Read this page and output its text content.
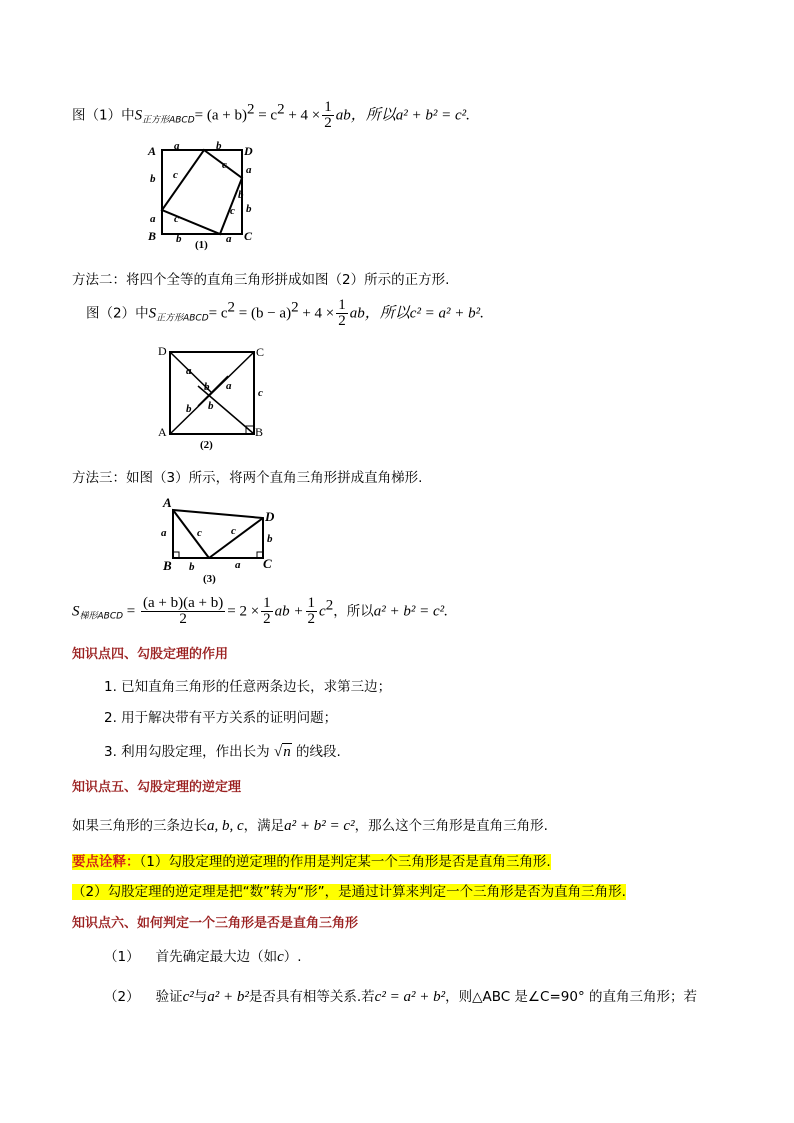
图（1）中$S_{正方形ABCD}= (a + b)^2 = c^2 + 4 \times \frac{1}{2}$ ab，所以a² + b² = c².
A	D
B	C
a	b
b c	a
c
b
a c
c
b
b
a
(1)
方法二：将四个全等的直角三角形拼成如图（2）所示的正方形.
图（2）中$S_{正方形ABCD}= c^2 = (b - a)^2 + 4 \times \frac{1}{2}$ ab，所以c² = a² + b².
D	C
A	B
a
b a
c
b b
(2)
方法三：如图（3）所示，将两个直角三角形拼成直角梯形.
A
D
B	C
a	c	c
b
b	a
(3)
$S_{梯形ABCD} = \frac{(a + b)(a + b)}{2} = 2 \times \frac{1}{2}$ ab + $\frac{1}{2} c^2$，所以a² + b² = c².
知识点四、勾股定理的作用
1. 已知直角三角形的任意两条边长，求第三边；
2. 用于解决带有平方关系的证明问题；
3. 利用勾股定理，作出长为 √n 的线段.
知识点五、勾股定理的逆定理
如果三角形的三条边长a, b, c，满足a² + b² = c²，那么这个三角形是直角三角形.
要点诠释：（1）勾股定理的逆定理的作用是判定某一个三角形是否是直角三角形.
（2）勾股定理的逆定理是把“数”转为“形”，是通过计算来判定一个三角形是否为直角三角形.
知识点六、如何判定一个三角形是否是直角三角形
（1） 首先确定最大边（如c）.
（2） 验证c²与a² + b²是否具有相等关系.若c² = a² + b²，则△ABC 是∠C=90° 的直角三角形；若
